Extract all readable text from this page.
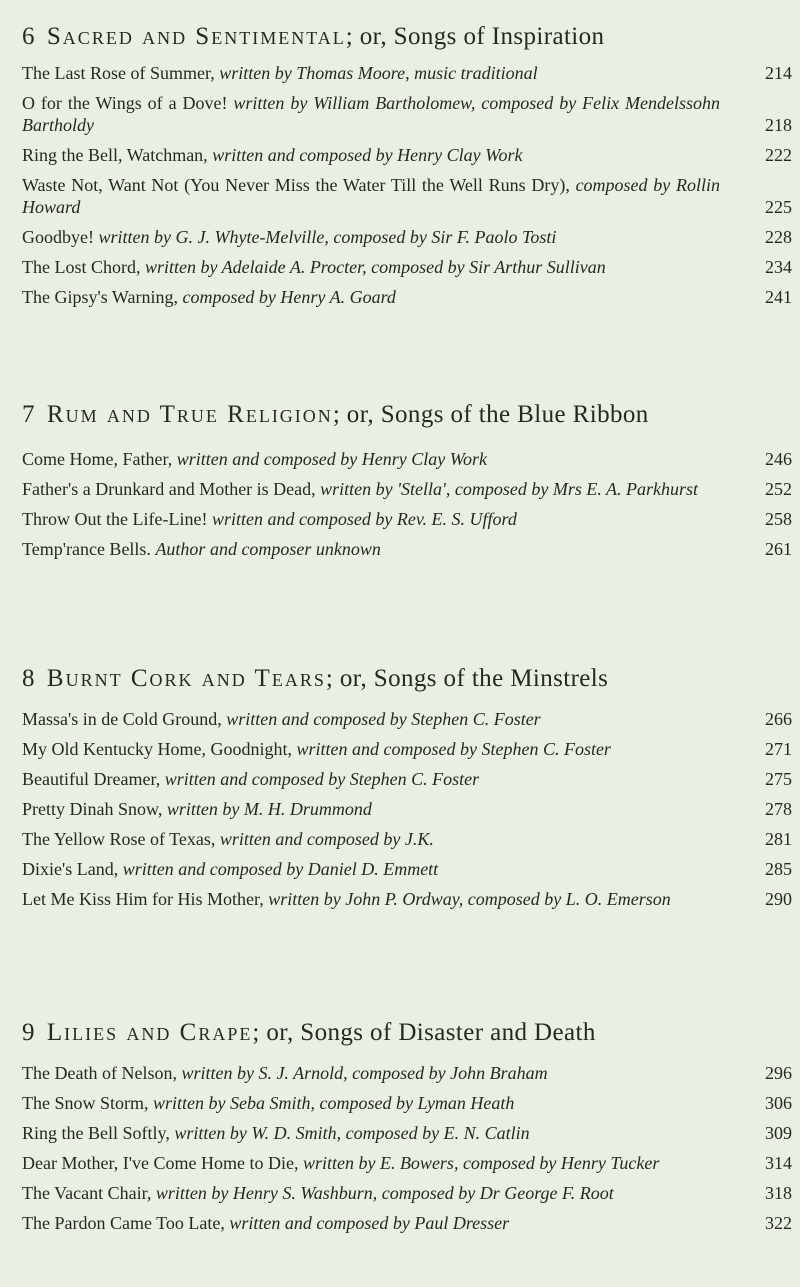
6 Sacred and Sentimental; or, Songs of Inspiration
The Last Rose of Summer, written by Thomas Moore, music traditional	214
O for the Wings of a Dove! written by William Bartholomew, composed by Felix Mendelssohn Bartholdy	218
Ring the Bell, Watchman, written and composed by Henry Clay Work	222
Waste Not, Want Not (You Never Miss the Water Till the Well Runs Dry), composed by Rollin Howard	225
Goodbye! written by G. J. Whyte-Melville, composed by Sir F. Paolo Tosti	228
The Lost Chord, written by Adelaide A. Procter, composed by Sir Arthur Sullivan	234
The Gipsy's Warning, composed by Henry A. Goard	241
7 Rum and True Religion; or, Songs of the Blue Ribbon
Come Home, Father, written and composed by Henry Clay Work	246
Father's a Drunkard and Mother is Dead, written by 'Stella', composed by Mrs E. A. Parkhurst	252
Throw Out the Life-Line! written and composed by Rev. E. S. Ufford	258
Temp'rance Bells. Author and composer unknown	261
8 Burnt Cork and Tears; or, Songs of the Minstrels
Massa's in de Cold Ground, written and composed by Stephen C. Foster	266
My Old Kentucky Home, Goodnight, written and composed by Stephen C. Foster	271
Beautiful Dreamer, written and composed by Stephen C. Foster	275
Pretty Dinah Snow, written by M. H. Drummond	278
The Yellow Rose of Texas, written and composed by J.K.	281
Dixie's Land, written and composed by Daniel D. Emmett	285
Let Me Kiss Him for His Mother, written by John P. Ordway, composed by L. O. Emerson	290
9 Lilies and Crape; or, Songs of Disaster and Death
The Death of Nelson, written by S. J. Arnold, composed by John Braham	296
The Snow Storm, written by Seba Smith, composed by Lyman Heath	306
Ring the Bell Softly, written by W. D. Smith, composed by E. N. Catlin	309
Dear Mother, I've Come Home to Die, written by E. Bowers, composed by Henry Tucker	314
The Vacant Chair, written by Henry S. Washburn, composed by Dr George F. Root	318
The Pardon Came Too Late, written and composed by Paul Dresser	322
